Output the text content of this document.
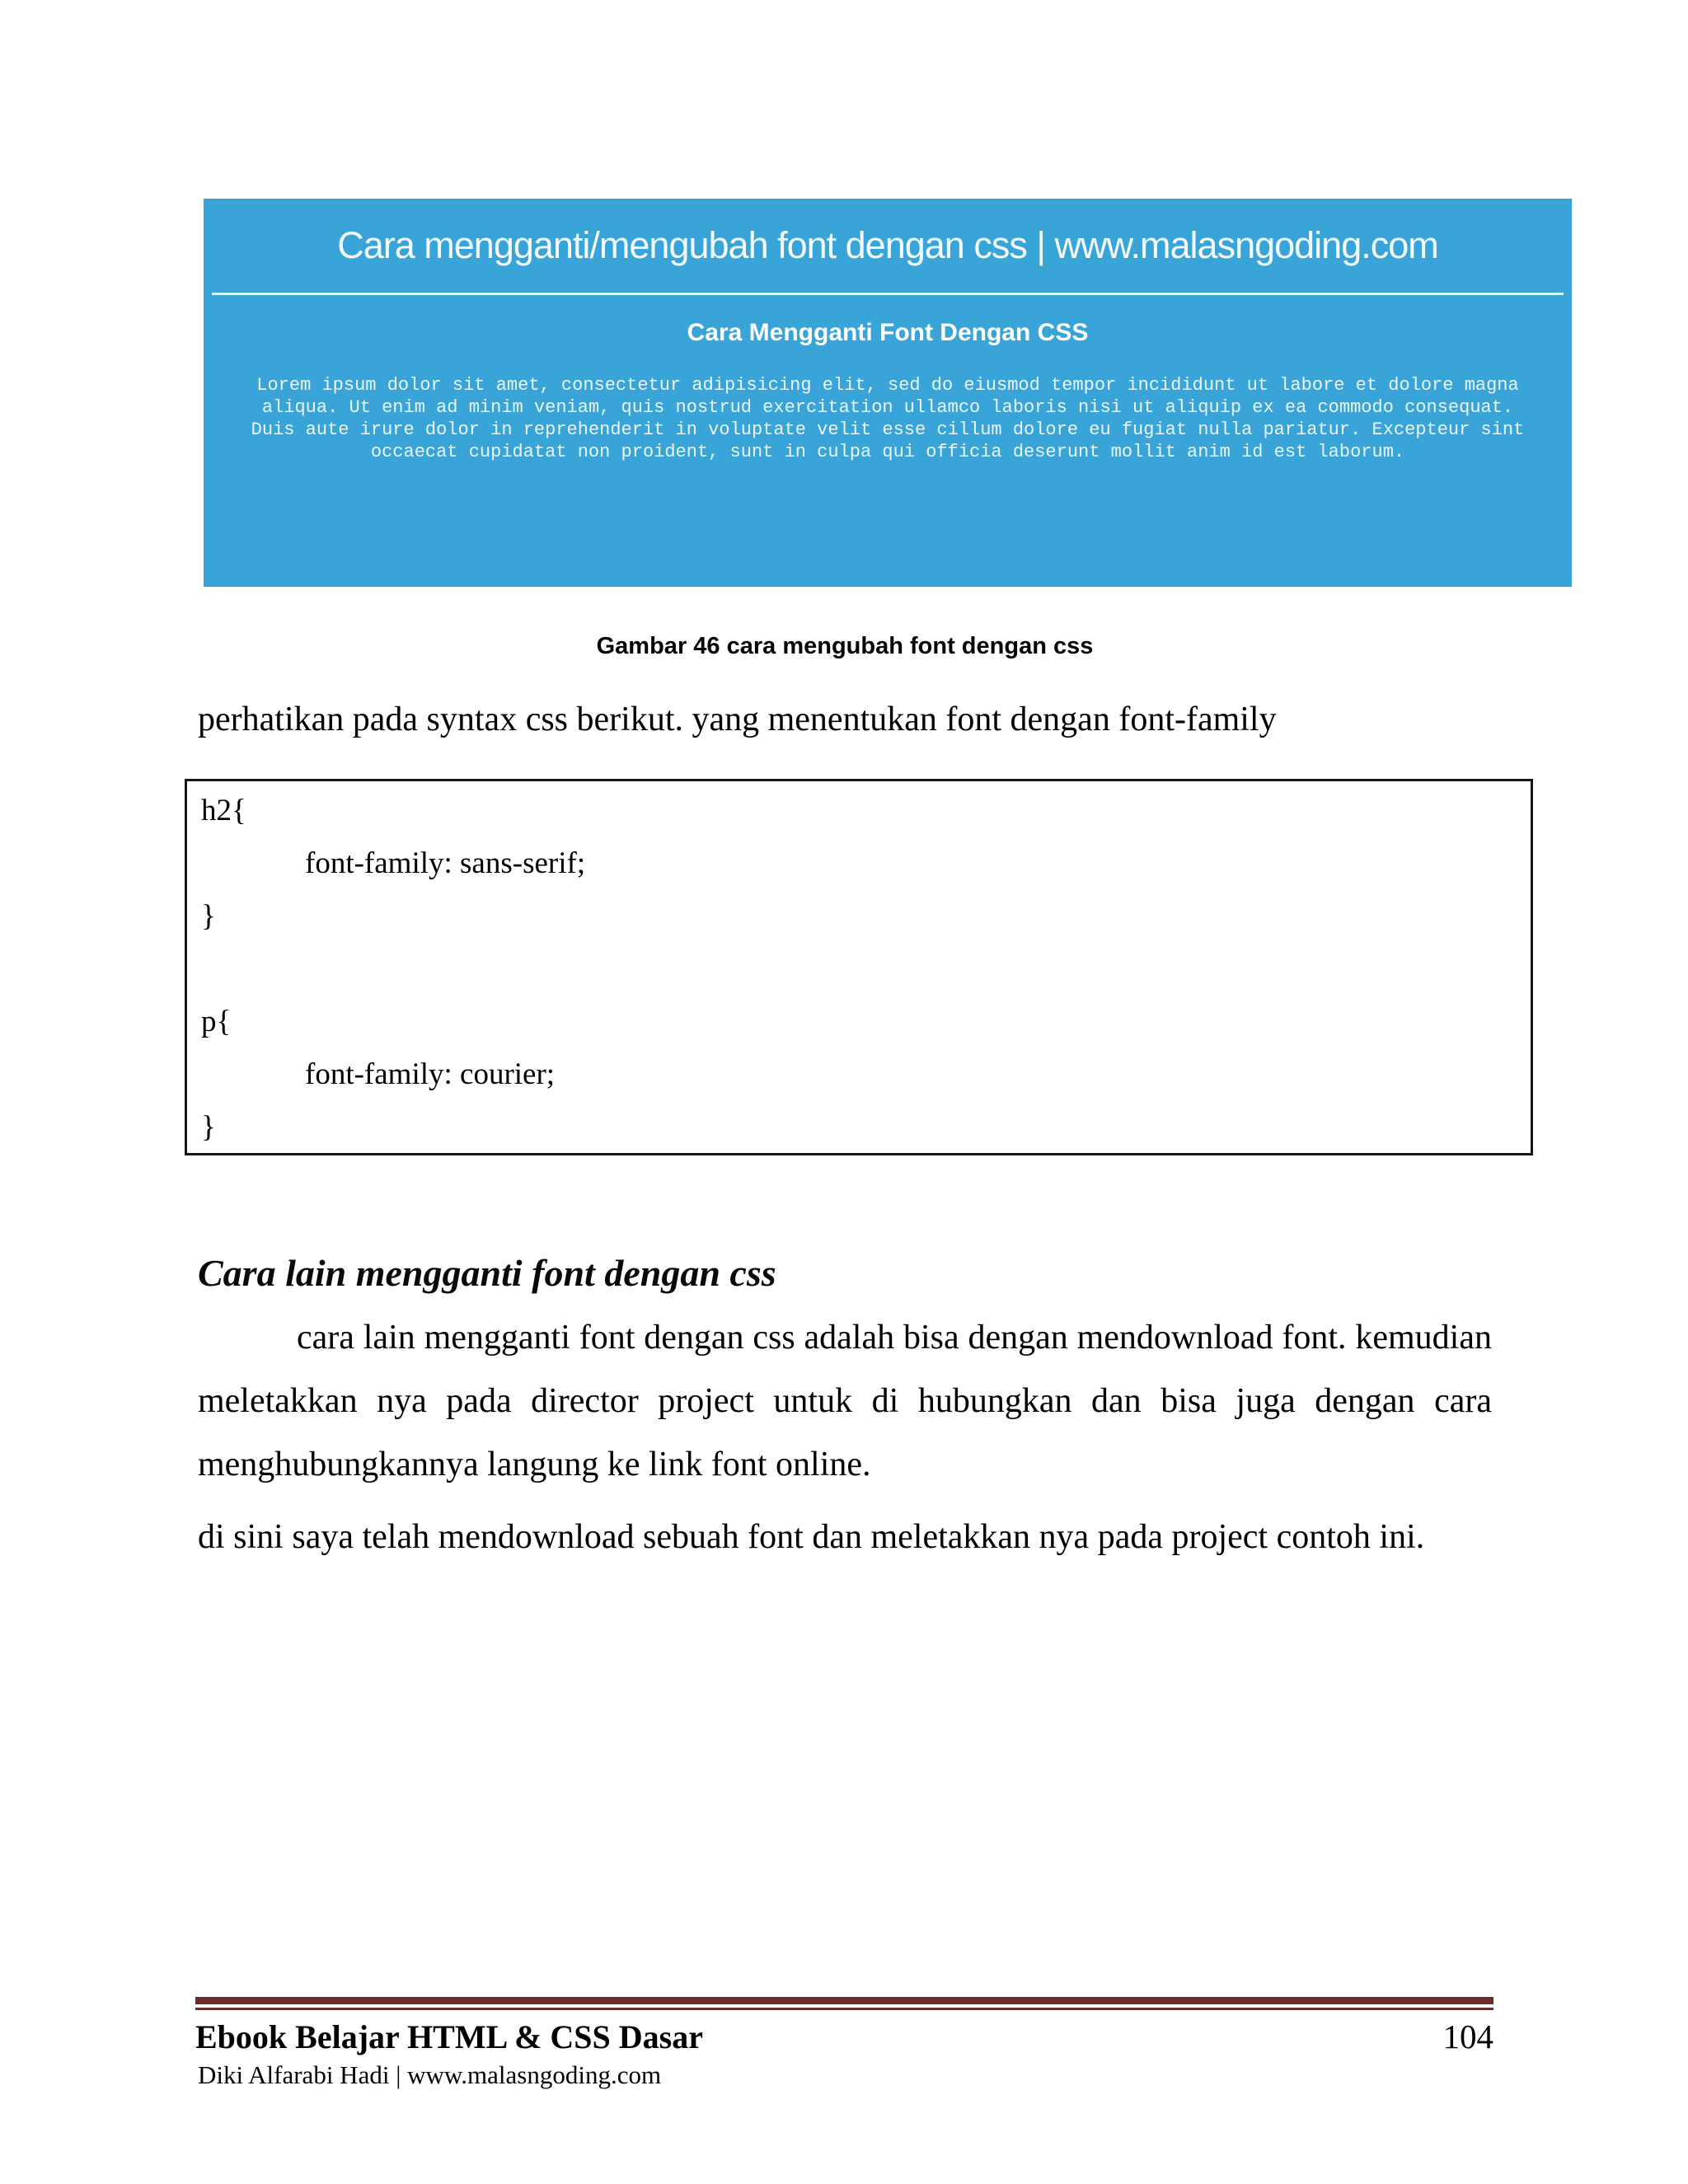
Cara mengganti/mengubah font dengan css | www.malasngoding.com
Cara Mengganti Font Dengan CSS
Lorem ipsum dolor sit amet, consectetur adipisicing elit, sed do eiusmod tempor incididunt ut labore et dolore magna
aliqua. Ut enim ad minim veniam, quis nostrud exercitation ullamco laboris nisi ut aliquip ex ea commodo consequat.
Duis aute irure dolor in reprehenderit in voluptate velit esse cillum dolore eu fugiat nulla pariatur. Excepteur sint
occaecat cupidatat non proident, sunt in culpa qui officia deserunt mollit anim id est laborum.
Gambar 46 cara mengubah font dengan css
perhatikan pada syntax css berikut. yang menentukan font dengan font-family
h2{
font-family: sans-serif;
}

p{
font-family: courier;
}
Cara lain mengganti font dengan css
cara lain mengganti font dengan css adalah bisa dengan mendownload font. kemudian meletakkan nya pada director project untuk di hubungkan dan bisa juga dengan cara menghubungkannya langung ke link font online.
di sini saya telah mendownload sebuah font dan meletakkan nya pada project contoh ini.
Ebook Belajar HTML & CSS Dasar	104
Diki Alfarabi Hadi | www.malasngoding.com
